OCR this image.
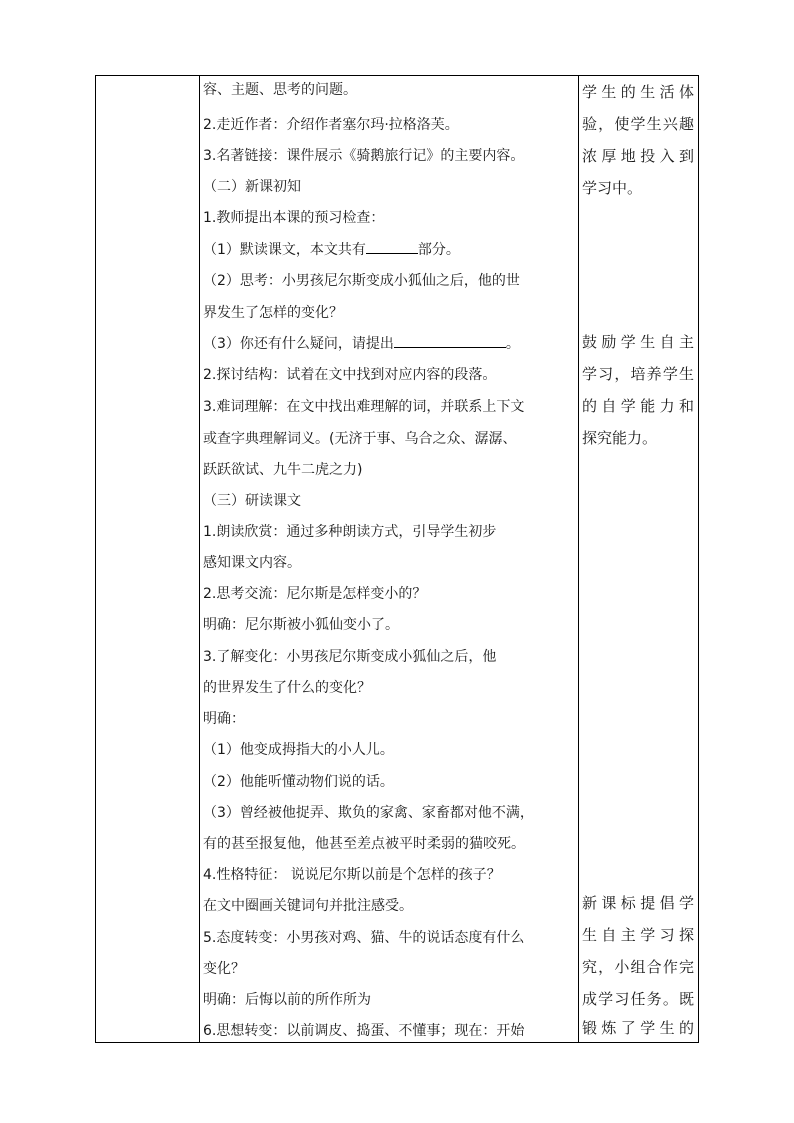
容、主题、思考的问题。
2.走近作者：介绍作者塞尔玛·拉格洛芙。
3.名著链接：课件展示《骑鹅旅行记》的主要内容。
（二）新课初知
1.教师提出本课的预习检查：
（1）默读课文，本文共有	部分。
（2）思考：小男孩尼尔斯变成小狐仙之后，他的世
界发生了怎样的变化？
（3）你还有什么疑问，请提出	。
2.探讨结构：试着在文中找到对应内容的段落。
3.难词理解：在文中找出难理解的词，并联系上下文
或查字典理解词义。(无济于事、乌合之众、潺潺、
跃跃欲试、九牛二虎之力)
（三）研读课文
1.朗读欣赏：通过多种朗读方式，引导学生初步
感知课文内容。
2.思考交流：尼尔斯是怎样变小的？
明确：尼尔斯被小狐仙变小了。
3.了解变化：小男孩尼尔斯变成小狐仙之后，他
的世界发生了什么的变化？
明确：
（1）他变成拇指大的小人儿。
（2）他能听懂动物们说的话。
（3）曾经被他捉弄、欺负的家禽、家畜都对他不满，
有的甚至报复他，他甚至差点被平时柔弱的猫咬死。
4.性格特征： 说说尼尔斯以前是个怎样的孩子？
在文中圈画关键词句并批注感受。
5.态度转变：小男孩对鸡、猫、牛的说话态度有什么
变化？
明确：后悔以前的所作所为
6.思想转变：以前调皮、捣蛋、不懂事；现在：开始
学生的生活体
验，使学生兴趣
浓厚地投入到
学习中。
鼓励学生自主
学习，培养学生
的自学能力和
探究能力。
新课标提倡学
生自主学习探
究，小组合作完
成学习任务。既
锻炼了学生的
